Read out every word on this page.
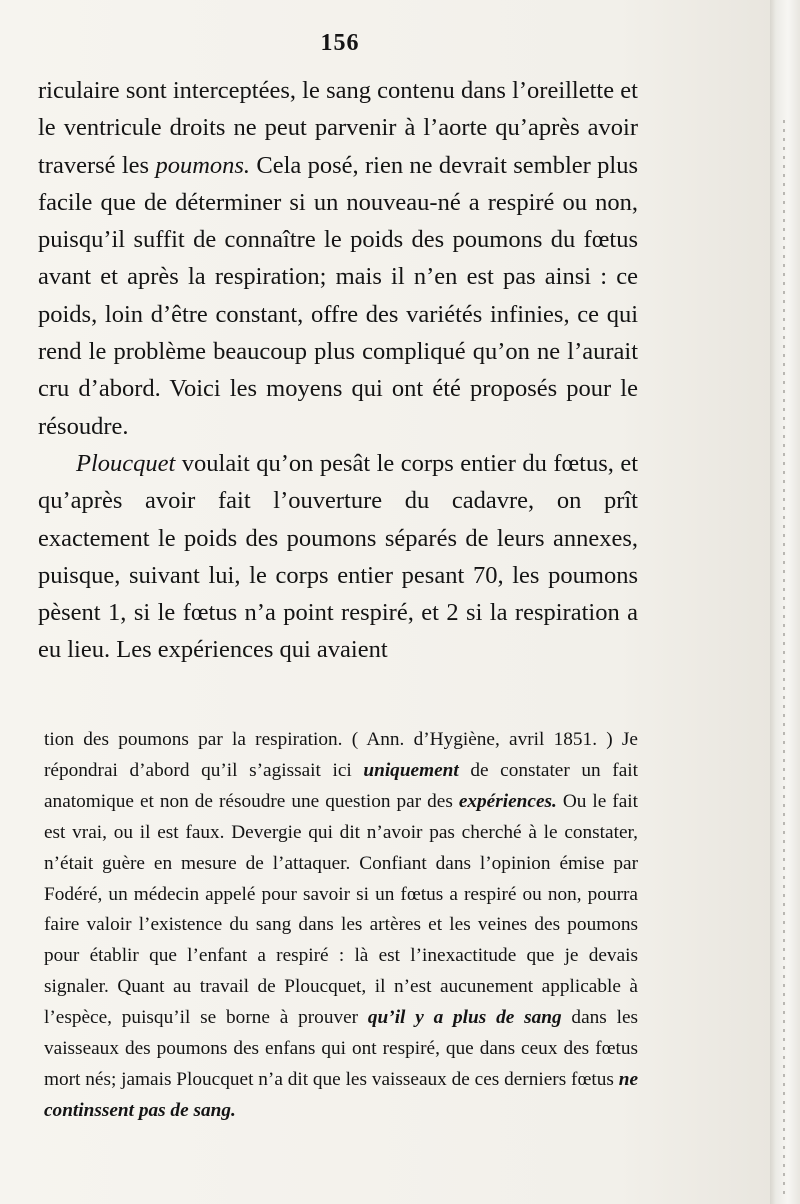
156

riculaire sont interceptées, le sang contenu dans l’oreillette et le ventricule droits ne peut parvenir à l’aorte qu’après avoir traversé les poumons. Cela posé, rien ne devrait sembler plus facile que de déterminer si un nouveau-né a respiré ou non, puisqu’il suffit de connaître le poids des poumons du fœtus avant et après la respiration; mais il n’en est pas ainsi : ce poids, loin d’être constant, offre des variétés infinies, ce qui rend le problème beaucoup plus compliqué qu’on ne l’aurait cru d’abord. Voici les moyens qui ont été proposés pour le résoudre.

Ploucquet voulait qu’on pesât le corps entier du fœtus, et qu’après avoir fait l’ouverture du cadavre, on prît exactement le poids des poumons séparés de leurs annexes, puisque, suivant lui, le corps entier pesant 70, les poumons pèsent 1, si le fœtus n’a point respiré, et 2 si la respiration a eu lieu. Les expériences qui avaient

tion des poumons par la respiration. ( Ann. d’Hygiène, avril 1851. ) Je répondrai d’abord qu’il s’agissait ici uniquement de constater un fait anatomique et non de résoudre une question par des expériences. Ou le fait est vrai, ou il est faux. Devergie qui dit n’avoir pas cherché à le constater, n’était guère en mesure de l’attaquer. Confiant dans l’opinion émise par Fodéré, un médecin appelé pour savoir si un fœtus a respiré ou non, pourra faire valoir l’existence du sang dans les artères et les veines des poumons pour établir que l’enfant a respiré : là est l’inexactitude que je devais signaler. Quant au travail de Ploucquet, il n’est aucunement applicable à l’espèce, puisqu’il se borne à prouver qu’il y a plus de sang dans les vaisseaux des poumons des enfans qui ont respiré, que dans ceux des fœtus mort nés; jamais Ploucquet n’a dit que les vaisseaux de ces derniers fœtus ne continssent pas de sang.
